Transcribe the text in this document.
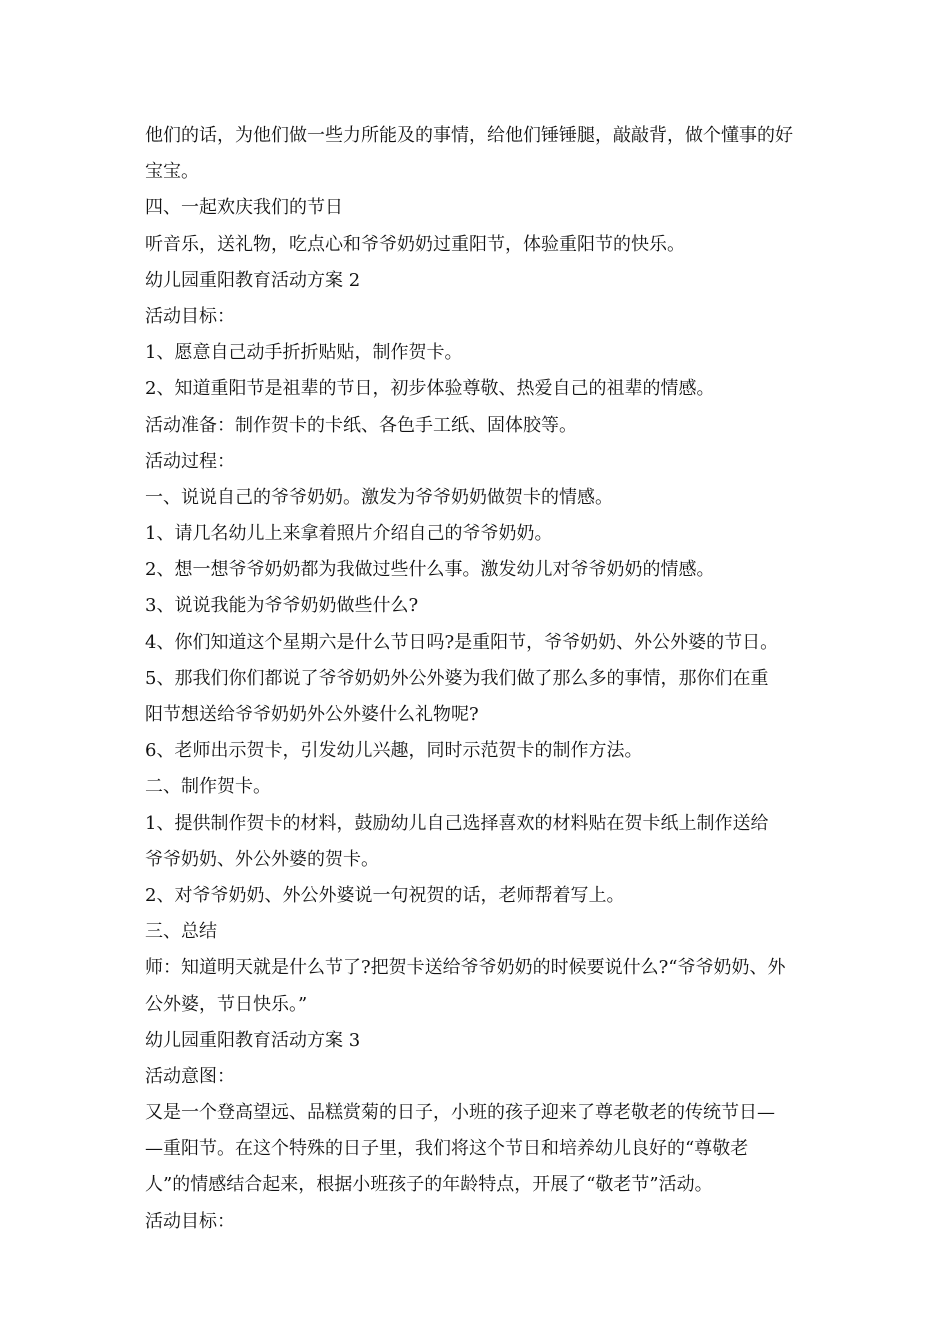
他们的话，为他们做一些力所能及的事情，给他们锤锤腿，敲敲背，做个懂事的好

宝宝。

四、一起欢庆我们的节日

听音乐，送礼物，吃点心和爷爷奶奶过重阳节，体验重阳节的快乐。

幼儿园重阳教育活动方案 2

活动目标：

1、愿意自己动手折折贴贴，制作贺卡。

2、知道重阳节是祖辈的节日，初步体验尊敬、热爱自己的祖辈的情感。

活动准备：制作贺卡的卡纸、各色手工纸、固体胶等。

活动过程：

一、说说自己的爷爷奶奶。激发为爷爷奶奶做贺卡的情感。

1、请几名幼儿上来拿着照片介绍自己的爷爷奶奶。

2、想一想爷爷奶奶都为我做过些什么事。激发幼儿对爷爷奶奶的情感。

3、说说我能为爷爷奶奶做些什么?

4、你们知道这个星期六是什么节日吗?是重阳节，爷爷奶奶、外公外婆的节日。

5、那我们你们都说了爷爷奶奶外公外婆为我们做了那么多的事情，那你们在重

阳节想送给爷爷奶奶外公外婆什么礼物呢?

6、老师出示贺卡，引发幼儿兴趣，同时示范贺卡的制作方法。

二、制作贺卡。

1、提供制作贺卡的材料，鼓励幼儿自己选择喜欢的材料贴在贺卡纸上制作送给

爷爷奶奶、外公外婆的贺卡。

2、对爷爷奶奶、外公外婆说一句祝贺的话，老师帮着写上。

三、总结

师：知道明天就是什么节了?把贺卡送给爷爷奶奶的时候要说什么?“爷爷奶奶、外

公外婆，节日快乐。”

幼儿园重阳教育活动方案 3

活动意图：

又是一个登高望远、品糕赏菊的日子，小班的孩子迎来了尊老敬老的传统节日—

—重阳节。在这个特殊的日子里，我们将这个节日和培养幼儿良好的“尊敬老

人”的情感结合起来，根据小班孩子的年龄特点，开展了“敬老节”活动。

活动目标：
